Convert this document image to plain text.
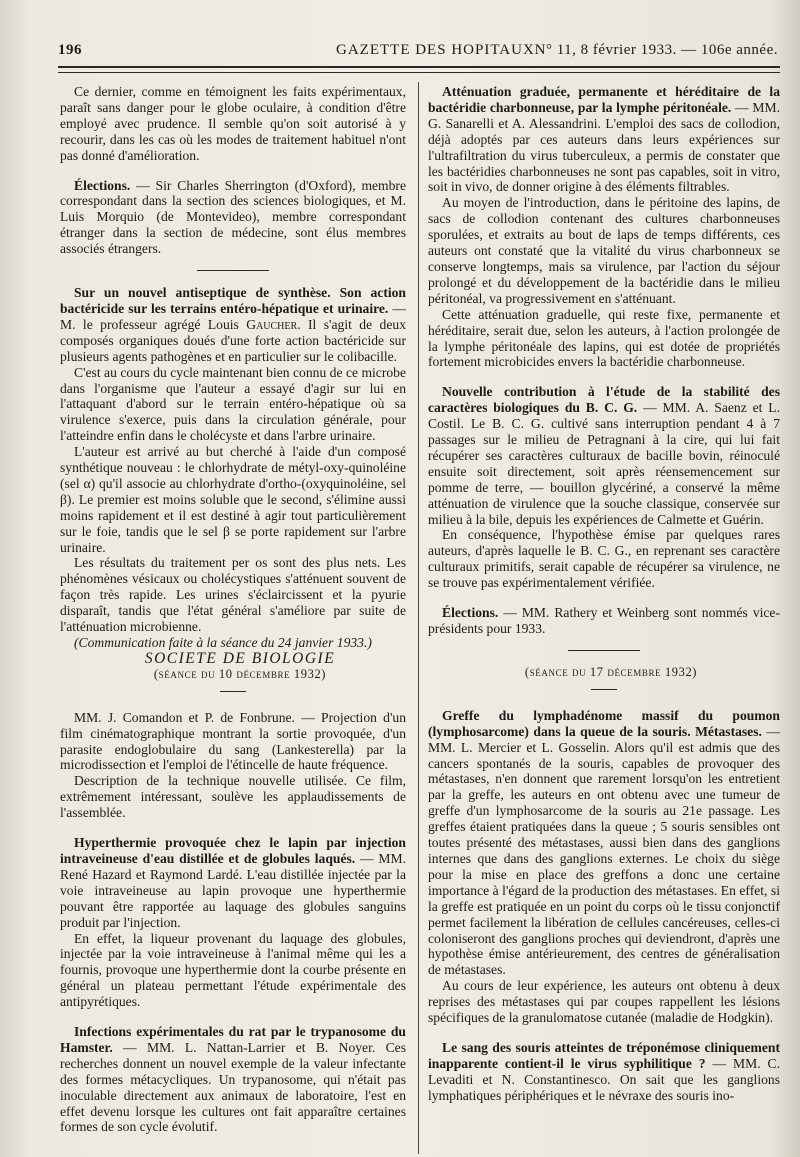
196	GAZETTE DES HOPITAUX N° 11, 8 février 1933. — 106e année.

Ce dernier, comme en témoignent les faits expérimentaux, paraît sans danger pour le globe oculaire, à condition d'être employé avec prudence. Il semble qu'on soit autorisé à y recourir, dans les cas où les modes de traitement habituel n'ont pas donné d'amélioration.

Élections. — Sir Charles Sherrington (d'Oxford), membre correspondant dans la section des sciences biologiques, et M. Luis Morquio (de Montevideo), membre correspondant étranger dans la section de médecine, sont élus membres associés étrangers.

Sur un nouvel antiseptique de synthèse. Son action bactéricide sur les terrains entéro-hépatique et urinaire. — M. le professeur agrégé Louis Gaucher. Il s'agit de deux composés organiques doués d'une forte action bactéricide sur plusieurs agents pathogènes et en particulier sur le colibacille.

C'est au cours du cycle maintenant bien connu de ce microbe dans l'organisme que l'auteur a essayé d'agir sur lui en l'attaquant d'abord sur le terrain entéro-hépatique où sa virulence s'exerce, puis dans la circulation générale, pour l'atteindre enfin dans le cholécyste et dans l'arbre urinaire.

L'auteur est arrivé au but cherché à l'aide d'un composé synthétique nouveau : le chlorhydrate de métyl-oxy-quinoléine (sel α) qu'il associe au chlorhydrate d'ortho-(oxyquinoléine, sel β). Le premier est moins soluble que le second, s'élimine aussi moins rapidement et il est destiné à agir tout particulièrement sur le foie, tandis que le sel β se porte rapidement sur l'arbre urinaire.

Les résultats du traitement per os sont des plus nets. Les phénomènes vésicaux ou cholécystiques s'atténuent souvent de façon très rapide. Les urines s'éclaircissent et la pyurie disparaît, tandis que l'état général s'améliore par suite de l'atténuation microbienne.

(Communication faite à la séance du 24 janvier 1933.)

SOCIETE DE BIOLOGIE

(séance du 10 décembre 1932)

MM. J. Comandon et P. de Fonbrune. — Projection d'un film cinématographique montrant la sortie provoquée, d'un parasite endoglobulaire du sang (Lankesterella) par la microdissection et l'emploi de l'étincelle de haute fréquence.

Description de la technique nouvelle utilisée. Ce film, extrêmement intéressant, soulève les applaudissements de l'assemblée.

Hyperthermie provoquée chez le lapin par injection intraveineuse d'eau distillée et de globules laqués. — MM. René Hazard et Raymond Lardé. L'eau distillée injectée par la voie intraveineuse au lapin provoque une hyperthermie pouvant être rapportée au laquage des globules sanguins produit par l'injection.

En effet, la liqueur provenant du laquage des globules, injectée par la voie intraveineuse à l'animal même qui les a fournis, provoque une hyperthermie dont la courbe présente en général un plateau permettant l'étude expérimentale des antipyrétiques.

Infections expérimentales du rat par le trypanosome du Hamster. — MM. L. Nattan-Larrier et B. Noyer. Ces recherches donnent un nouvel exemple de la valeur infectante des formes métacycliques. Un trypanosome, qui n'était pas inoculable directement aux animaux de laboratoire, l'est en effet devenu lorsque les cultures ont fait apparaître certaines formes de son cycle évolutif.

Atténuation graduée, permanente et héréditaire de la bactéridie charbonneuse, par la lymphe péritonéale. — MM. G. Sanarelli et A. Alessandrini. L'emploi des sacs de collodion, déjà adoptés par ces auteurs dans leurs expériences sur l'ultrafiltration du virus tuberculeux, a permis de constater que les bactéridies charbonneuses ne sont pas capables, soit in vitro, soit in vivo, de donner origine à des éléments filtrables.

Au moyen de l'introduction, dans le péritoine des lapins, de sacs de collodion contenant des cultures charbonneuses sporulées, et extraits au bout de laps de temps différents, ces auteurs ont constaté que la vitalité du virus charbonneux se conserve longtemps, mais sa virulence, par l'action du séjour prolongé et du développement de la bactéridie dans le milieu péritonéal, va progressivement en s'atténuant.

Cette atténuation graduelle, qui reste fixe, permanente et héréditaire, serait due, selon les auteurs, à l'action prolongée de la lymphe péritonéale des lapins, qui est dotée de propriétés fortement microbicides envers la bactéridie charbonneuse.

Nouvelle contribution à l'étude de la stabilité des caractères biologiques du B. C. G. — MM. A. Saenz et L. Costil. Le B. C. G. cultivé sans interruption pendant 4 à 7 passages sur le milieu de Petragnani à la cire, qui lui fait récupérer ses caractères culturaux de bacille bovin, réinoculé ensuite soit directement, soit après réensemencement sur pomme de terre, — bouillon glycériné, a conservé la même atténuation de virulence que la souche classique, conservée sur milieu à la bile, depuis les expériences de Calmette et Guérin.

En conséquence, l'hypothèse émise par quelques rares auteurs, d'après laquelle le B. C. G., en reprenant ses caractère culturaux primitifs, serait capable de récupérer sa virulence, ne se trouve pas expérimentalement vérifiée.

Élections. — MM. Rathery et Weinberg sont nommés vice-présidents pour 1933.

(séance du 17 décembre 1932)

Greffe du lymphadénome massif du poumon (lymphosarcome) dans la queue de la souris. Métastases. — MM. L. Mercier et L. Gosselin. Alors qu'il est admis que des cancers spontanés de la souris, capables de provoquer des métastases, n'en donnent que rarement lorsqu'on les entretient par la greffe, les auteurs en ont obtenu avec une tumeur de greffe d'un lymphosarcome de la souris au 21e passage. Les greffes étaient pratiquées dans la queue ; 5 souris sensibles ont toutes présenté des métastases, aussi bien dans des ganglions internes que dans des ganglions externes. Le choix du siège pour la mise en place des greffons a donc une certaine importance à l'égard de la production des métastases. En effet, si la greffe est pratiquée en un point du corps où le tissu conjonctif permet facilement la libération de cellules cancéreuses, celles-ci coloniseront des ganglions proches qui deviendront, d'après une hypothèse émise antérieurement, des centres de généralisation de métastases.

Au cours de leur expérience, les auteurs ont obtenu à deux reprises des métastases qui par coupes rappellent les lésions spécifiques de la granulomatose cutanée (maladie de Hodgkin).

Le sang des souris atteintes de tréponémose cliniquement inapparente contient-il le virus syphilitique ? — MM. C. Levaditi et N. Constantinesco. On sait que les ganglions lymphatiques périphériques et le névraxe des souris ino-
